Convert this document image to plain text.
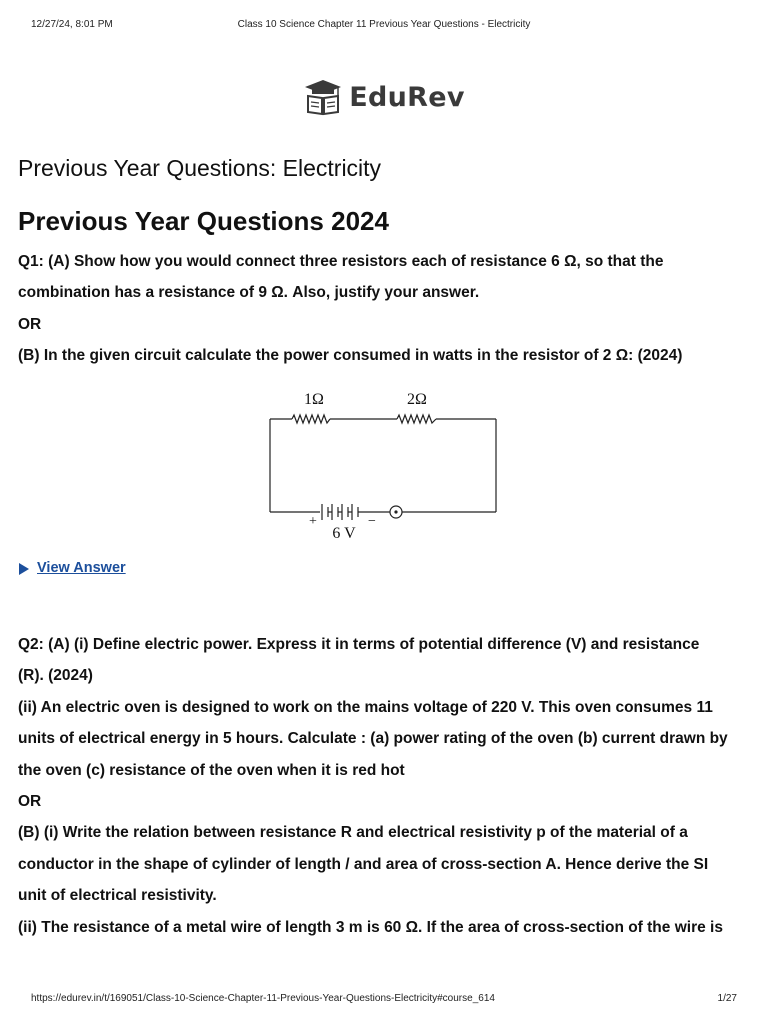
12/27/24, 8:01 PM	Class 10 Science Chapter 11 Previous Year Questions - Electricity
EduRev
Previous Year Questions: Electricity
Previous Year Questions 2024

Q1: (A) Show how you would connect three resistors each of resistance 6 Ω, so that the

combination has a resistance of 9 Ω. Also, justify your answer.

OR

(B) In the given circuit calculate the power consumed in watts in the resistor of 2 Ω: (2024)

1Ω	2Ω
+	−
6 V
View Answer

Q2: (A) (i) Define electric power. Express it in terms of potential difference (V) and resistance

(R). (2024)

(ii) An electric oven is designed to work on the mains voltage of 220 V. This oven consumes 11

units of electrical energy in 5 hours. Calculate : (a) power rating of the oven (b) current drawn by

the oven (c) resistance of the oven when it is red hot

OR

(B) (i) Write the relation between resistance R and electrical resistivity p of the material of a

conductor in the shape of cylinder of length / and area of cross-section A. Hence derive the SI

unit of electrical resistivity.

(ii) The resistance of a metal wire of length 3 m is 60 Ω. If the area of cross-section of the wire is

https://edurev.in/t/169051/Class-10-Science-Chapter-11-Previous-Year-Questions-Electricity#course_614	1/27
